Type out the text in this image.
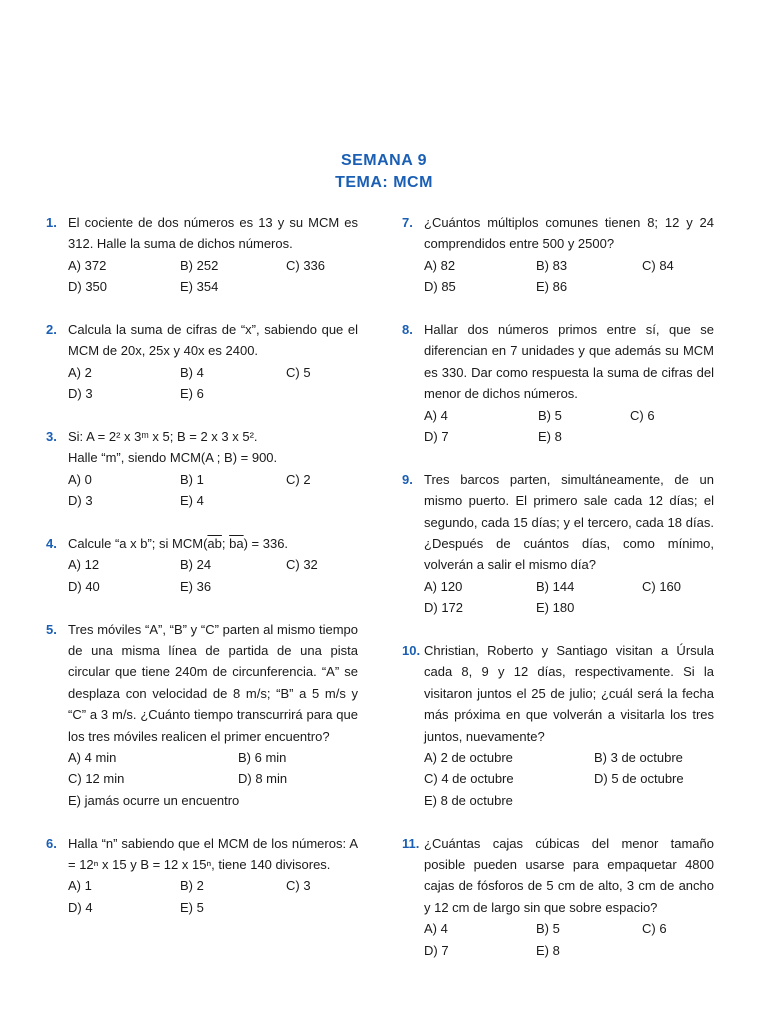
SEMANA 9
TEMA: MCM
1. El cociente de dos números es 13 y su MCM es 312. Halle la suma de dichos números.
A) 372	B) 252	C) 336
D) 350	E) 354
2. Calcula la suma de cifras de “x”, sabiendo que el MCM de 20x, 25x y 40x es 2400.
A) 2	B) 4	C) 5
D) 3	E) 6
3. Si: A = 2² x 3ᵐ x 5; B = 2 x 3 x 5².
Halle “m”, siendo MCM(A ; B) = 900.
A) 0	B) 1	C) 2
D) 3	E) 4
4. Calcule “a x b”; si $MCM(\overline{ab}$; $\overline{ba}) = 336$.
A) 12	B) 24	C) 32
D) 40	E) 36
5. Tres móviles “A”, “B” y “C” parten al mismo tiempo de una misma línea de partida de una pista circular que tiene 240m de circunferencia. “A” se desplaza con velocidad de 8 m/s; “B” a 5 m/s y “C” a 3 m/s. ¿Cuánto tiempo transcurrirá para que los tres móviles realicen el primer encuentro?
A) 4 min	B) 6 min
C) 12 min	D) 8 min
E) jamás ocurre un encuentro
6. Halla “n” sabiendo que el MCM de los números: A = 12ⁿ x 15 y B = 12 x 15ⁿ, tiene 140 divisores.
A) 1	B) 2	C) 3
D) 4	E) 5
7. ¿Cuántos múltiplos comunes tienen 8; 12 y 24 comprendidos entre 500 y 2500?
A) 82	B) 83	C) 84
D) 85	E) 86
8. Hallar dos números primos entre sí, que se diferencian en 7 unidades y que además su MCM es 330. Dar como respuesta la suma de cifras del menor de dichos números.
A) 4	B) 5	C) 6
D) 7	E) 8
9. Tres barcos parten, simultáneamente, de un mismo puerto. El primero sale cada 12 días; el segundo, cada 15 días; y el tercero, cada 18 días. ¿Después de cuántos días, como mínimo, volverán a salir el mismo día?
A) 120	B) 144	C) 160
D) 172	E) 180
10. Christian, Roberto y Santiago visitan a Úrsula cada 8, 9 y 12 días, respectivamente. Si la visitaron juntos el 25 de julio; ¿cuál será la fecha más próxima en que volverán a visitarla los tres juntos, nuevamente?
A) 2 de octubre	B) 3 de octubre
C) 4 de octubre	D) 5 de octubre
E) 8 de octubre
11. ¿Cuántas cajas cúbicas del menor tamaño posible pueden usarse para empaquetar 4800 cajas de fósforos de 5 cm de alto, 3 cm de ancho y 12 cm de largo sin que sobre espacio?
A) 4	B) 5	C) 6
D) 7	E) 8
